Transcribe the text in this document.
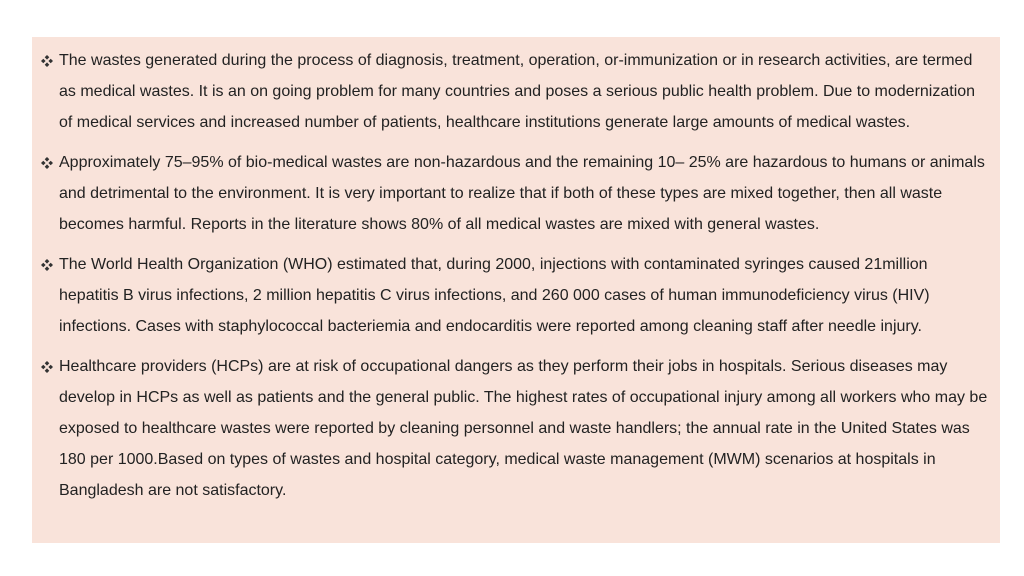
The wastes generated during the process of diagnosis, treatment, operation, or-immunization or in research activities, are termed as medical wastes. It is an on going problem for many countries and poses a serious public health problem. Due to modernization of medical services and increased number of patients, healthcare institutions generate large amounts of medical wastes.
Approximately 75–95% of bio-medical wastes are non-hazardous and the remaining 10– 25% are hazardous to humans or animals and detrimental to the environment. It is very important to realize that if both of these types are mixed together, then all waste becomes harmful. Reports in the literature shows 80% of all medical wastes are mixed with general wastes.
The World Health Organization (WHO) estimated that, during 2000, injections with contaminated syringes caused 21million hepatitis B virus infections, 2 million hepatitis C virus infections, and 260 000 cases of human immunodeficiency virus (HIV) infections. Cases with staphylococcal bacteriemia and endocarditis were reported among cleaning staff after needle injury.
Healthcare providers (HCPs) are at risk of occupational dangers as they perform their jobs in hospitals. Serious diseases may develop in HCPs as well as patients and the general public. The highest rates of occupational injury among all workers who may be exposed to healthcare wastes were reported by cleaning personnel and waste handlers; the annual rate in the United States was 180 per 1000.Based on types of wastes and hospital category, medical waste management (MWM) scenarios at hospitals in Bangladesh are not satisfactory.
